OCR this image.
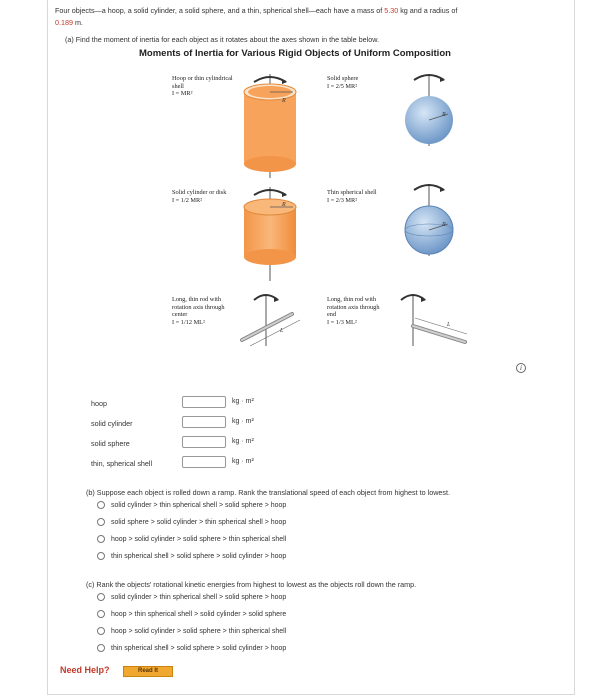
Four objects—a hoop, a solid cylinder, a solid sphere, and a thin, spherical shell—each have a mass of 5.30 kg and a radius of
0.189 m.
(a) Find the moment of inertia for each object as it rotates about the axes shown in the table below.
Moments of Inertia for Various Rigid Objects of Uniform Composition
Hoop or thin cylindrical shell
I = MR²
Solid sphere
I = 2/5 MR²
Solid cylinder or disk
I = 1/2 MR²
Thin spherical shell
I = 2/3 MR²
Long, thin rod with rotation axis through center
I = 1/12 ML²
Long, thin rod with rotation axis through end
I = 1/3 ML²
R
R
R
R
L
L
i
hoop	kg · m²
solid cylinder	kg · m²
solid sphere	kg · m²
thin, spherical shell	kg · m²
(b) Suppose each object is rolled down a ramp. Rank the translational speed of each object from highest to lowest.
solid cylinder > thin spherical shell > solid sphere > hoop
solid sphere > solid cylinder > thin spherical shell > hoop
hoop > solid cylinder > solid sphere > thin spherical shell
thin spherical shell > solid sphere > solid cylinder > hoop
(c) Rank the objects' rotational kinetic energies from highest to lowest as the objects roll down the ramp.
solid cylinder > thin spherical shell > solid sphere > hoop
hoop > thin spherical shell > solid cylinder > solid sphere
hoop > solid cylinder > solid sphere > thin spherical shell
thin spherical shell > solid sphere > solid cylinder > hoop
Need Help?	Read It
